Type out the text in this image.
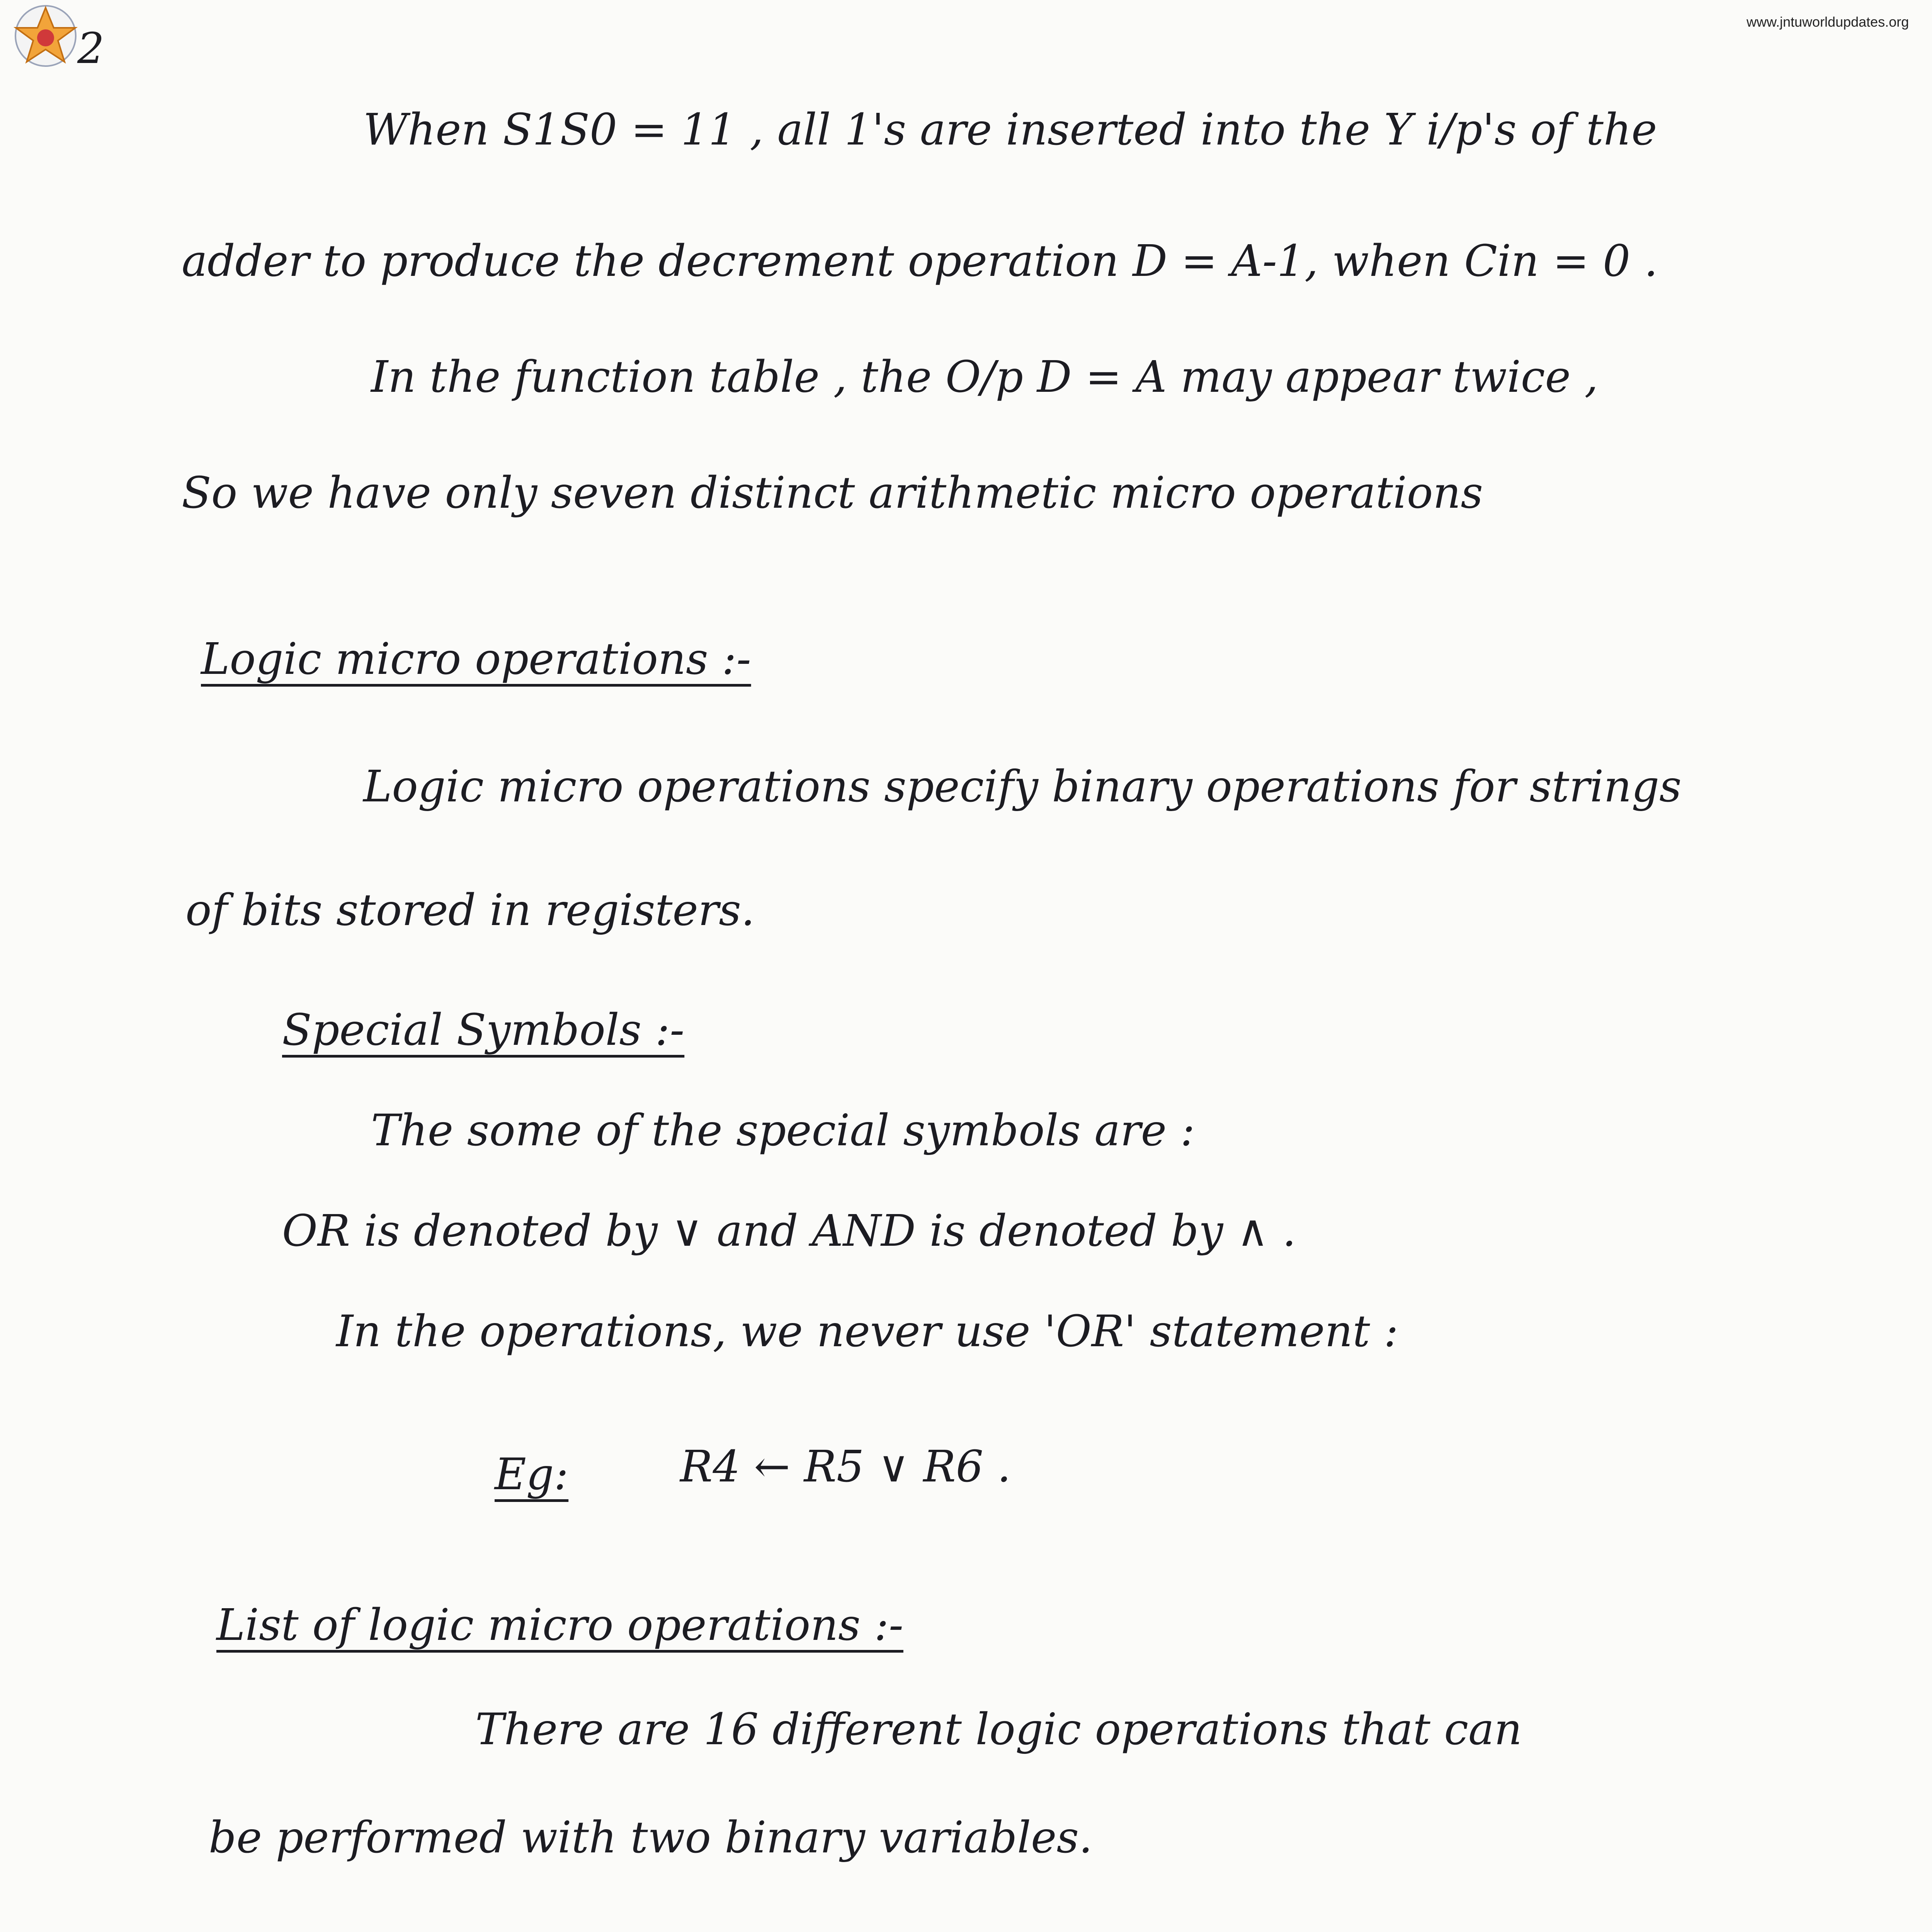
2
www.jntuworldupdates.org
When S1S0 = 11 , all 1's are inserted into the Y i/p's of the
adder to produce the decrement operation D = A-1, when Cin = 0 .
In the function table , the O/p D = A may appear twice ,
So we have only seven distinct arithmetic micro operations
Logic micro operations :-
Logic micro operations specify binary operations for strings
of bits stored in registers.
Special Symbols :-
The some of the special symbols are :
OR is denoted by ∨ and AND is denoted by ∧ .
In the operations, we never use 'OR' statement :
Eg:	R4 ← R5 ∨ R6 .
List of logic micro operations :-
There are 16 different logic operations that can
be performed with two binary variables.
